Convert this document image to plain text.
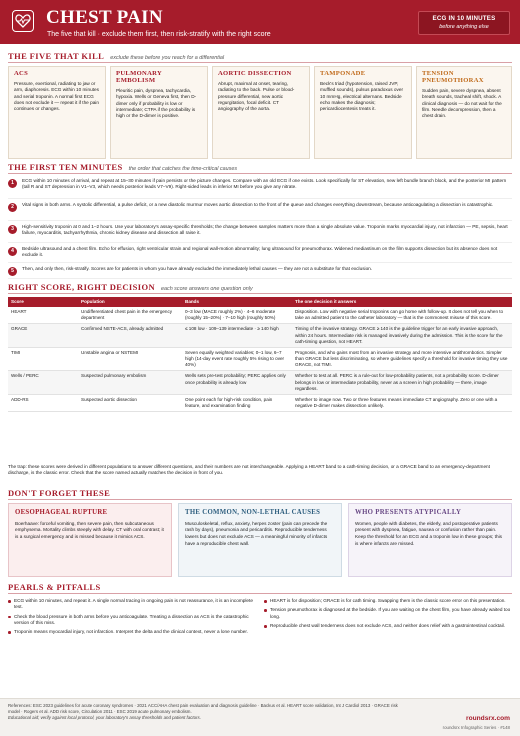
CHEST PAIN
The five that kill · exclude them first, then risk-stratify with the right score
ECG IN 10 MINUTES
before anything else
THE FIVE THAT KILL exclude these before you reach for a differential
ACS
Pressure, exertional, radiating to jaw or arm, diaphoresis. ECG within 10 minutes and serial troponin. A normal first ECG does not exclude it — repeat it if the pain continues or changes.
PULMONARY EMBOLISM
Pleuritic pain, dyspnea, tachycardia, hypoxia. Wells or Geneva first, then D-dimer only if probability is low or intermediate; CTPA if the probability is high or the D-dimer is positive.
AORTIC DISSECTION
Abrupt, maximal at onset, tearing, radiating to the back. Pulse or blood-pressure differential, new aortic regurgitation, focal deficit. CT angiography of the aorta.
TAMPONADE
Beck's triad (hypotension, raised JVP, muffled sounds), pulsus paradoxus over 10 mmHg, electrical alternans. Bedside echo makes the diagnosis; pericardiocentesis treats it.
TENSION PNEUMOTHORAX
Sudden pain, severe dyspnea, absent breath sounds, tracheal shift, shock. A clinical diagnosis — do not wait for the film. Needle decompression, then a chest drain.
THE FIRST TEN MINUTES the order that catches the time-critical causes
1	ECG within 10 minutes of arrival, and repeat at 15–30 minutes if pain persists or the picture changes. Compare with an old ECG if one exists. Look specifically for ST elevation, new left bundle branch block, and the posterior MI pattern (tall R and ST depression in V1–V3, which needs posterior leads V7–V9). Right-sided leads in inferior MI before you give any nitrate.
2	Vital signs in both arms. A systolic differential, a pulse deficit, or a new diastolic murmur moves aortic dissection to the front of the queue and changes everything downstream, because anticoagulating a dissection is catastrophic.
3	High-sensitivity troponin at 0 and 1–2 hours. Use your laboratory's assay-specific thresholds; the change between samples matters more than a single absolute value. Troponin marks myocardial injury, not infarction — PE, sepsis, heart failure, myocarditis, tachyarrhythmia, chronic kidney disease and dissection all raise it.
4	Bedside ultrasound and a chest film. Echo for effusion, right ventricular strain and regional wall-motion abnormality; lung ultrasound for pneumothorax. Widened mediastinum on the film supports dissection but its absence does not exclude it.
5	Then, and only then, risk-stratify. Scores are for patients in whom you have already excluded the immediately lethal causes — they are not a substitute for that exclusion.
RIGHT SCORE, RIGHT DECISION each score answers one question only
Score	Population	Bands	The one decision it answers
HEART	Undifferentiated chest pain in the emergency department	0–3 low (MACE roughly 2%) · 4–6 moderate (roughly 15–20%) · 7–10 high (roughly 50%)	Disposition. Low with negative serial troponins can go home with follow-up. It does not tell you when to take an admitted patient to the catheter laboratory — that is the commonest misuse of this score.
GRACE	Confirmed NSTE-ACS, already admitted	≤ 108 low · 109–139 intermediate · ≥ 140 high	Timing of the invasive strategy. GRACE ≥ 140 is the guideline trigger for an early invasive approach, within 24 hours. Intermediate risk is managed invasively during the admission. This is the score for the cath-timing question, not HEART.
TIMI	Unstable angina or NSTEMI	Seven equally weighted variables; 0–1 low, 6–7 high (14-day event rate roughly 5% rising to over 40%)	Prognosis, and who gains most from an invasive strategy and more intensive antithrombotics. Simpler than GRACE but less discriminating, so where guidelines specify a threshold for invasive timing they use GRACE, not TIMI.
Wells / PERC	Suspected pulmonary embolism	Wells sets pre-test probability; PERC applies only once probability is already low	Whether to test at all. PERC is a rule-out for low-probability patients, not a probability score. D-dimer belongs in low or intermediate probability, never as a screen in high probability — there, image regardless.
ADD-RS	Suspected aortic dissection	One point each for high-risk condition, pain feature, and examination finding	Whether to image now. Two or three features means immediate CT angiography. Zero or one with a negative D-dimer makes dissection unlikely.
The trap: these scores were derived in different populations to answer different questions, and their numbers are not interchangeable. Applying a HEART band to a cath-timing decision, or a GRACE band to an emergency-department discharge, is the classic error. Check that the score named actually matches the decision in front of you.
DON'T FORGET THESE
OESOPHAGEAL RUPTURE
Boerhaave: forceful vomiting, then severe pain, then subcutaneous emphysema. Mortality climbs steeply with delay. CT with oral contrast; it is a surgical emergency and is missed because it mimics ACS.
THE COMMON, NON-LETHAL CAUSES
Musculoskeletal, reflux, anxiety, herpes zoster (pain can precede the rash by days), pneumonia and pericarditis. Reproducible tenderness lowers but does not exclude ACS — a meaningful minority of infarcts have a reproducible chest wall.
WHO PRESENTS ATYPICALLY
Women, people with diabetes, the elderly, and postoperative patients present with dyspnea, fatigue, nausea or confusion rather than pain. Keep the threshold for an ECG and a troponin low in these groups; this is where infarcts are missed.
PEARLS & PITFALLS
ECG within 10 minutes, and repeat it. A single normal tracing in ongoing pain is not reassurance, it is an incomplete test.
Check the blood pressure in both arms before you anticoagulate. Treating a dissection as ACS is the catastrophic version of this miss.
Troponin means myocardial injury, not infarction. Interpret the delta and the clinical context, never a lone number.
HEART is for disposition; GRACE is for cath timing. Swapping them is the classic score error on this presentation.
Tension pneumothorax is diagnosed at the bedside. If you are waiting on the chest film, you have already waited too long.
Reproducible chest wall tenderness does not exclude ACS, and neither does relief with a gastrointestinal cocktail.
References: ESC 2023 guidelines for acute coronary syndromes · 2021 ACC/AHA chest pain evaluation and diagnosis guideline · Backus et al. HEART score validation, Int J Cardiol 2013 · GRACE risk model · Rogers et al. ADD risk score, Circulation 2011 · ESC 2019 acute pulmonary embolism.
Educational aid; verify against local protocol, your laboratory's assay thresholds and patient factors.	roundsrx.com
roundsrx Infographic Series · #148
